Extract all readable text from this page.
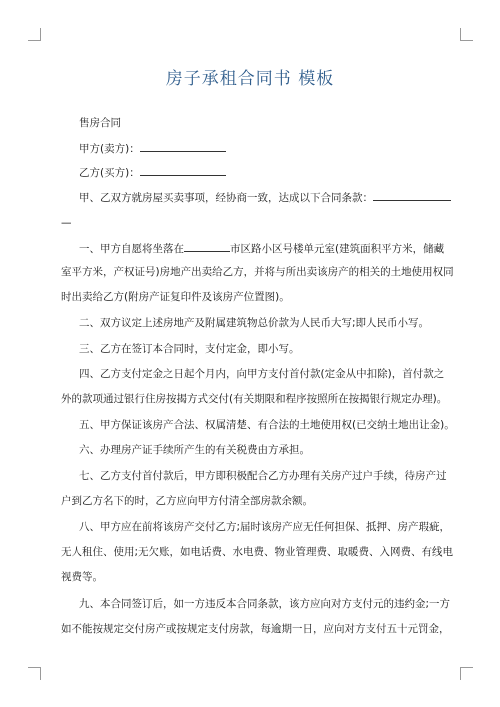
房子承租合同书 模板
售房合同
甲方(卖方)：
乙方(买方)：
甲、乙双方就房屋买卖事项，经协商一致，达成以下合同条款：
—
一、甲方自愿将坐落在	市区路小区号楼单元室(建筑面积平方米，储藏
室平方米，产权证号)房地产出卖给乙方，并将与所出卖该房产的相关的土地使用权同
时出卖给乙方(附房产证复印件及该房产位置图)。
二、双方议定上述房地产及附属建筑物总价款为人民币大写;即人民币小写。
三、乙方在签订本合同时，支付定金，即小写。
四、乙方支付定金之日起个月内，向甲方支付首付款(定金从中扣除)，首付款之
外的款项通过银行住房按揭方式交付(有关期限和程序按照所在按揭银行规定办理)。
五、甲方保证该房产合法、权属清楚、有合法的土地使用权(已交纳土地出让金)。
六、办理房产证手续所产生的有关税费由方承担。
七、乙方支付首付款后，甲方即积极配合乙方办理有关房产过户手续，待房产过
户到乙方名下的时，乙方应向甲方付清全部房款余额。
八、甲方应在前将该房产交付乙方;届时该房产应无任何担保、抵押、房产瑕疵，
无人租住、使用;无欠账，如电话费、水电费、物业管理费、取暖费、入网费、有线电
视费等。
九、本合同签订后，如一方违反本合同条款，该方应向对方支付元的违约金;一方
如不能按规定交付房产或按规定支付房款，每逾期一日，应向对方支付五十元罚金，
